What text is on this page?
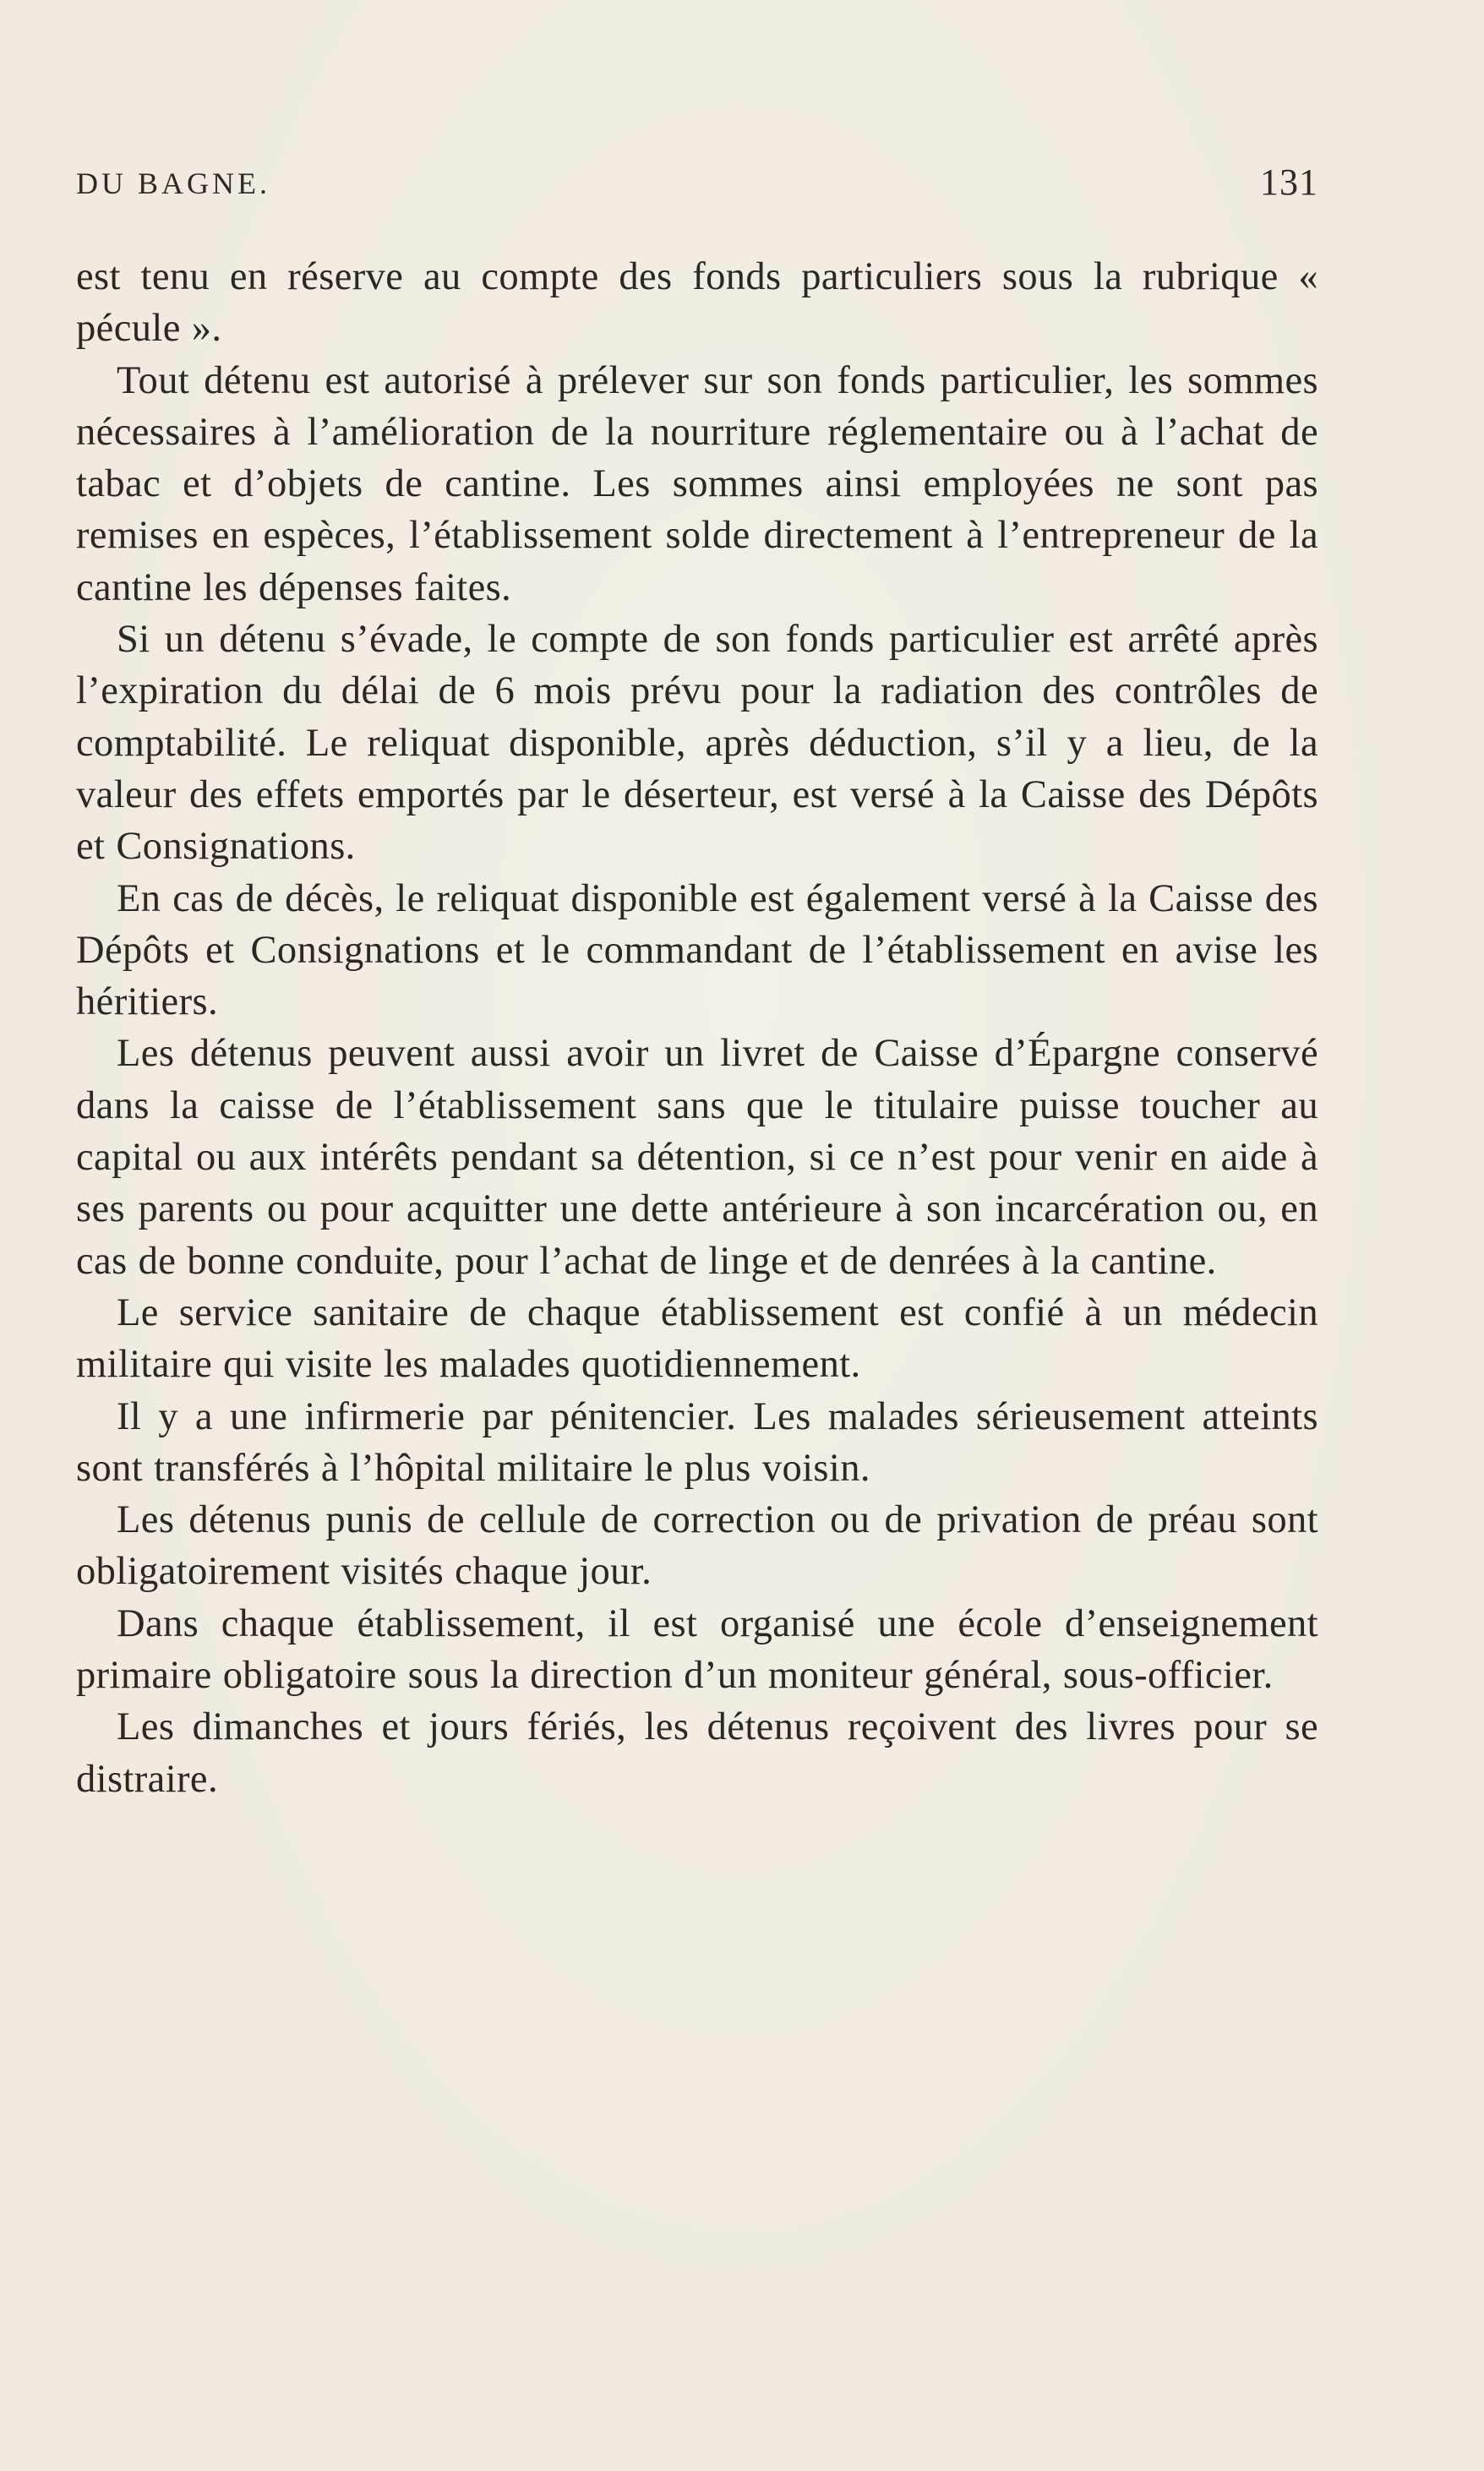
DU BAGNE.	131

est tenu en réserve au compte des fonds particuliers sous la rubrique « pécule ».

Tout détenu est autorisé à prélever sur son fonds particulier, les sommes nécessaires à l’amélioration de la nourriture réglementaire ou à l’achat de tabac et d’objets de cantine. Les sommes ainsi employées ne sont pas remises en espèces, l’établissement solde directement à l’entrepreneur de la cantine les dépenses faites.

Si un détenu s’évade, le compte de son fonds particulier est arrêté après l’expiration du délai de 6 mois prévu pour la radiation des contrôles de comptabilité. Le reliquat disponible, après déduction, s’il y a lieu, de la valeur des effets emportés par le déserteur, est versé à la Caisse des Dépôts et Consignations.

En cas de décès, le reliquat disponible est également versé à la Caisse des Dépôts et Consignations et le commandant de l’établissement en avise les héritiers.

Les détenus peuvent aussi avoir un livret de Caisse d’Épargne conservé dans la caisse de l’établissement sans que le titulaire puisse toucher au capital ou aux intérêts pendant sa détention, si ce n’est pour venir en aide à ses parents ou pour acquitter une dette antérieure à son incarcération ou, en cas de bonne conduite, pour l’achat de linge et de denrées à la cantine.

Le service sanitaire de chaque établissement est confié à un médecin militaire qui visite les malades quotidiennement.

Il y a une infirmerie par pénitencier. Les malades sérieusement atteints sont transférés à l’hôpital militaire le plus voisin.

Les détenus punis de cellule de correction ou de privation de préau sont obligatoirement visités chaque jour.

Dans chaque établissement, il est organisé une école d’enseignement primaire obligatoire sous la direction d’un moniteur général, sous-officier.

Les dimanches et jours fériés, les détenus reçoivent des livres pour se distraire.
